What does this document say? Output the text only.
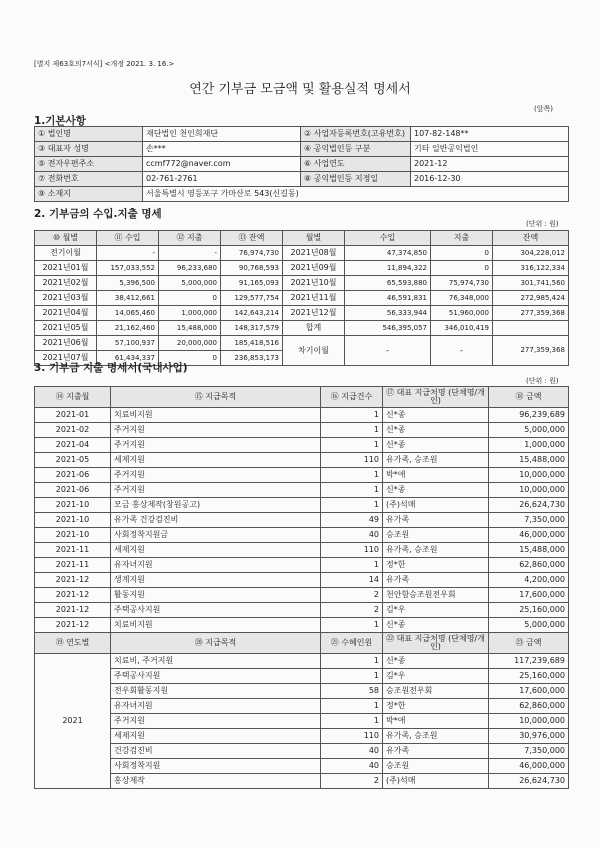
[별지 제63호의7서식] <개정 2021. 3. 16.>
연간 기부금 모금액 및 활용실적 명세서
(앞쪽)
1.기본사항
① 법인명	재단법인 천인희재단	② 사업자등록번호(고유번호)	107-82-148**
③ 대표자 성명	손***	④ 공익법인등 구분	기타 일반공익법인
⑤ 전자우편주소	ccmf772@naver.com	⑥ 사업연도	2021-12
⑦ 전화번호	02-761-2761	⑧ 공익법인등 지정일	2016-12-30
⑨ 소재지	서울특별시 영등포구 가마산로 543(신길동)		
2. 기부금의 수입.지출 명세
(단위 : 원)
⑩ 월별	⑪ 수입	⑫ 지출	⑬ 잔액	월별	수입	지출	잔액
전기이월	-	-	76,974,730	2021년08월	47,374,850	0	304,228,012
2021년01월	157,033,552	96,233,680	90,768,593	2021년09월	11,894,322	0	316,122,334
2021년02월	5,396,500	5,000,000	91,165,093	2021년10월	65,593,880	75,974,730	301,741,560
2021년03월	38,412,661	0	129,577,754	2021년11월	46,591,831	76,348,000	272,985,424
2021년04월	14,065,460	1,000,000	142,643,214	2021년12월	56,333,944	51,960,000	277,359,368
2021년05월	21,162,460	15,488,000	148,317,579	합계	546,395,057	346,010,419	
2021년06월	57,100,937	20,000,000	185,418,516	차기이월	-	-	277,359,368
2021년07월	61,434,337	0	236,853,173				
3. 기부금 지출 명세서(국내사업)
(단위 : 원)
⑭ 지출월	⑮ 지급목적	⑯ 지급건수	⑰ 대표 지급처명 (단체명/개인)	⑱ 금액
2021-01	치료비지원	1	신*종	96,239,689
2021-02	주거지원	1	신*종	5,000,000
2021-04	주거지원	1	신*종	1,000,000
2021-05	세제지원	110	유가족, 승조원	15,488,000
2021-06	주거지원	1	박*애	10,000,000
2021-06	주거지원	1	신*종	10,000,000
2021-10	모금 홍상제작(창원공고)	1	(주)석매	26,624,730
2021-10	유가족 건강검진비	49	유가족	7,350,000
2021-10	사회정착지원금	40	승조원	46,000,000
2021-11	세제지원	110	유가족, 승조원	15,488,000
2021-11	유자녀지원	1	정*한	62,860,000
2021-12	생계지원	14	유가족	4,200,000
2021-12	활동지원	2	천안함승조원전우회	17,600,000
2021-12	주택공사지원	2	김*우	25,160,000
2021-12	치료비지원	1	신*종	5,000,000
⑲ 연도별	⑳ 지급목적	㉑ 수혜인원	㉒ 대표 지급처명 (단체명/개인)	㉓ 금액
2021	치료비, 주거지원	1	신*종	117,239,689
	주택공사지원	1	김*우	25,160,000
	전우회활동지원	58	승조원전우회	17,600,000
	유자녀지원	1	정*한	62,860,000
	주거지원	1	박*애	10,000,000
	세제지원	110	유가족, 승조원	30,976,000
	건강검진비	40	유가족	7,350,000
	사회정착지원	40	승조원	46,000,000
	홍상제작	2	(주)석매	26,624,730
